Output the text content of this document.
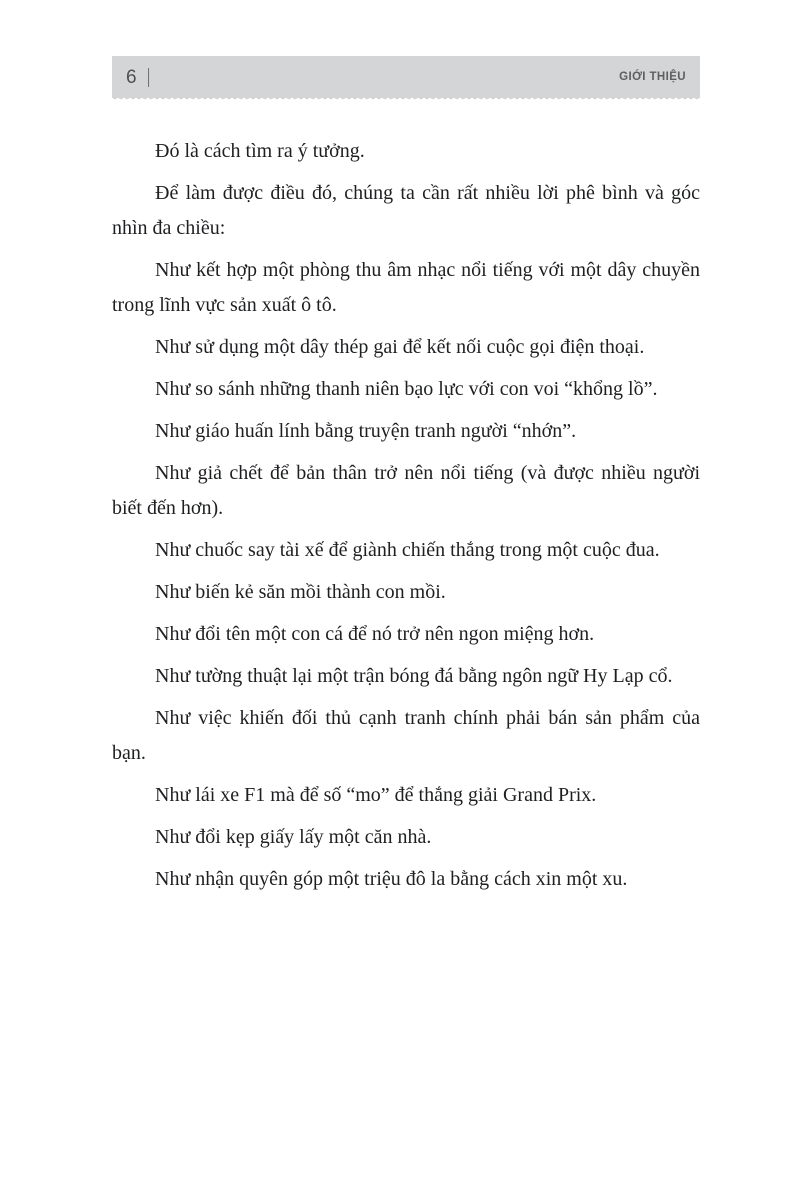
6 |	GIỚI THIỆU

Đó là cách tìm ra ý tưởng.

Để làm được điều đó, chúng ta cần rất nhiều lời phê bình và góc nhìn đa chiều:

Như kết hợp một phòng thu âm nhạc nổi tiếng với một dây chuyền trong lĩnh vực sản xuất ô tô.

Như sử dụng một dây thép gai để kết nối cuộc gọi điện thoại.

Như so sánh những thanh niên bạo lực với con voi “khổng lồ”.

Như giáo huấn lính bằng truyện tranh người “nhớn”.

Như giả chết để bản thân trở nên nổi tiếng (và được nhiều người biết đến hơn).

Như chuốc say tài xế để giành chiến thắng trong một cuộc đua.

Như biến kẻ săn mồi thành con mồi.

Như đổi tên một con cá để nó trở nên ngon miệng hơn.

Như tường thuật lại một trận bóng đá bằng ngôn ngữ Hy Lạp cổ.

Như việc khiến đối thủ cạnh tranh chính phải bán sản phẩm của bạn.

Như lái xe F1 mà để số “mo” để thắng giải Grand Prix.

Như đổi kẹp giấy lấy một căn nhà.

Như nhận quyên góp một triệu đô la bằng cách xin một xu.
